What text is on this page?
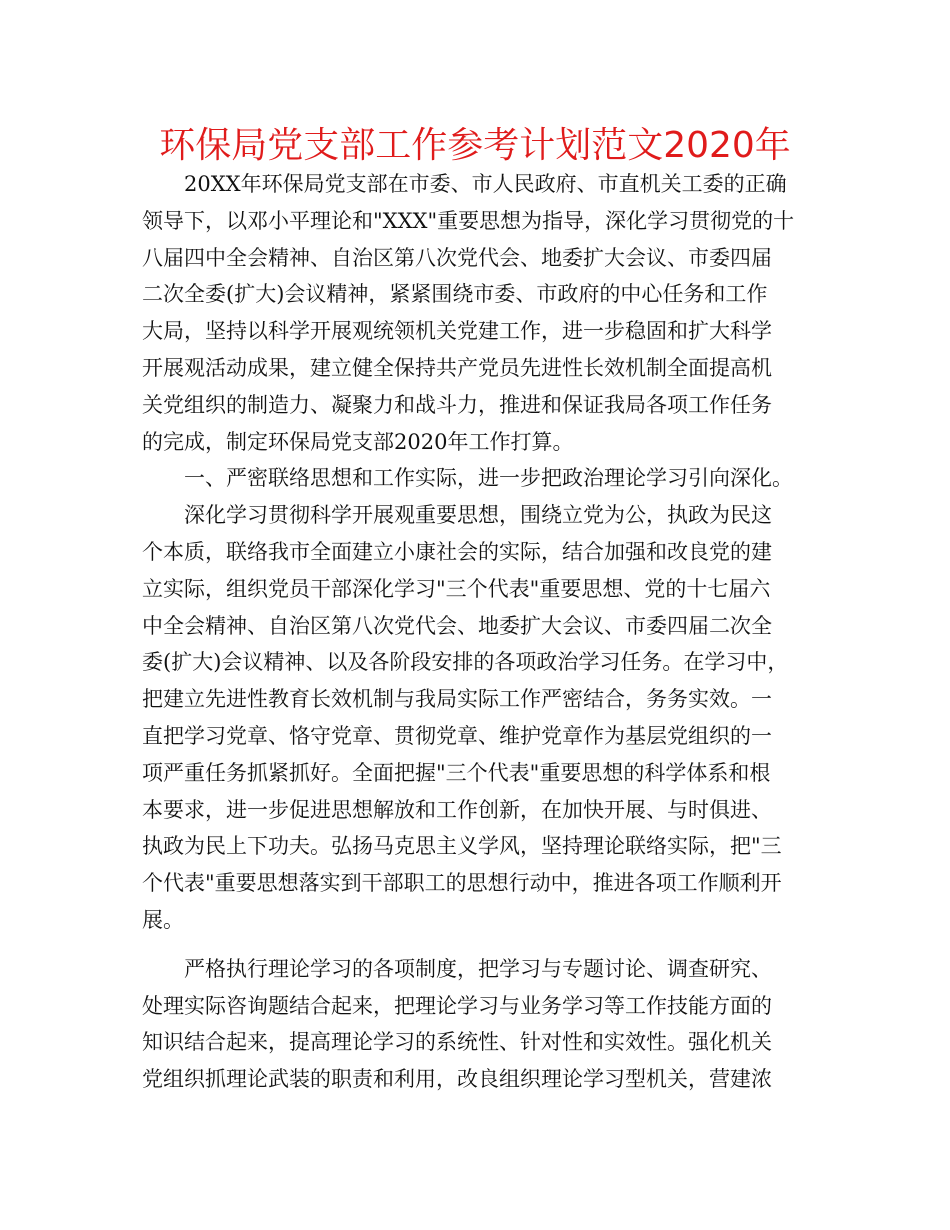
环保局党支部工作参考计划范文2020年
　　20XX年环保局党支部在市委、市人民政府、市直机关工委的正确
领导下，以邓小平理论和"XXX"重要思想为指导，深化学习贯彻党的十
八届四中全会精神、自治区第八次党代会、地委扩大会议、市委四届
二次全委(扩大)会议精神，紧紧围绕市委、市政府的中心任务和工作
大局，坚持以科学开展观统领机关党建工作，进一步稳固和扩大科学
开展观活动成果，建立健全保持共产党员先进性长效机制全面提高机
关党组织的制造力、凝聚力和战斗力，推进和保证我局各项工作任务
的完成，制定环保局党支部2020年工作打算。
　　一、严密联络思想和工作实际，进一步把政治理论学习引向深化。
　　深化学习贯彻科学开展观重要思想，围绕立党为公，执政为民这
个本质，联络我市全面建立小康社会的实际，结合加强和改良党的建
立实际，组织党员干部深化学习"三个代表"重要思想、党的十七届六
中全会精神、自治区第八次党代会、地委扩大会议、市委四届二次全
委(扩大)会议精神、以及各阶段安排的各项政治学习任务。在学习中，
把建立先进性教育长效机制与我局实际工作严密结合，务务实效。一
直把学习党章、恪守党章、贯彻党章、维护党章作为基层党组织的一
项严重任务抓紧抓好。全面把握"三个代表"重要思想的科学体系和根
本要求，进一步促进思想解放和工作创新，在加快开展、与时俱进、
执政为民上下功夫。弘扬马克思主义学风，坚持理论联络实际，把"三
个代表"重要思想落实到干部职工的思想行动中，推进各项工作顺利开
展。
　　严格执行理论学习的各项制度，把学习与专题讨论、调查研究、
处理实际咨询题结合起来，把理论学习与业务学习等工作技能方面的
知识结合起来，提高理论学习的系统性、针对性和实效性。强化机关
党组织抓理论武装的职责和利用，改良组织理论学习型机关，营建浓
